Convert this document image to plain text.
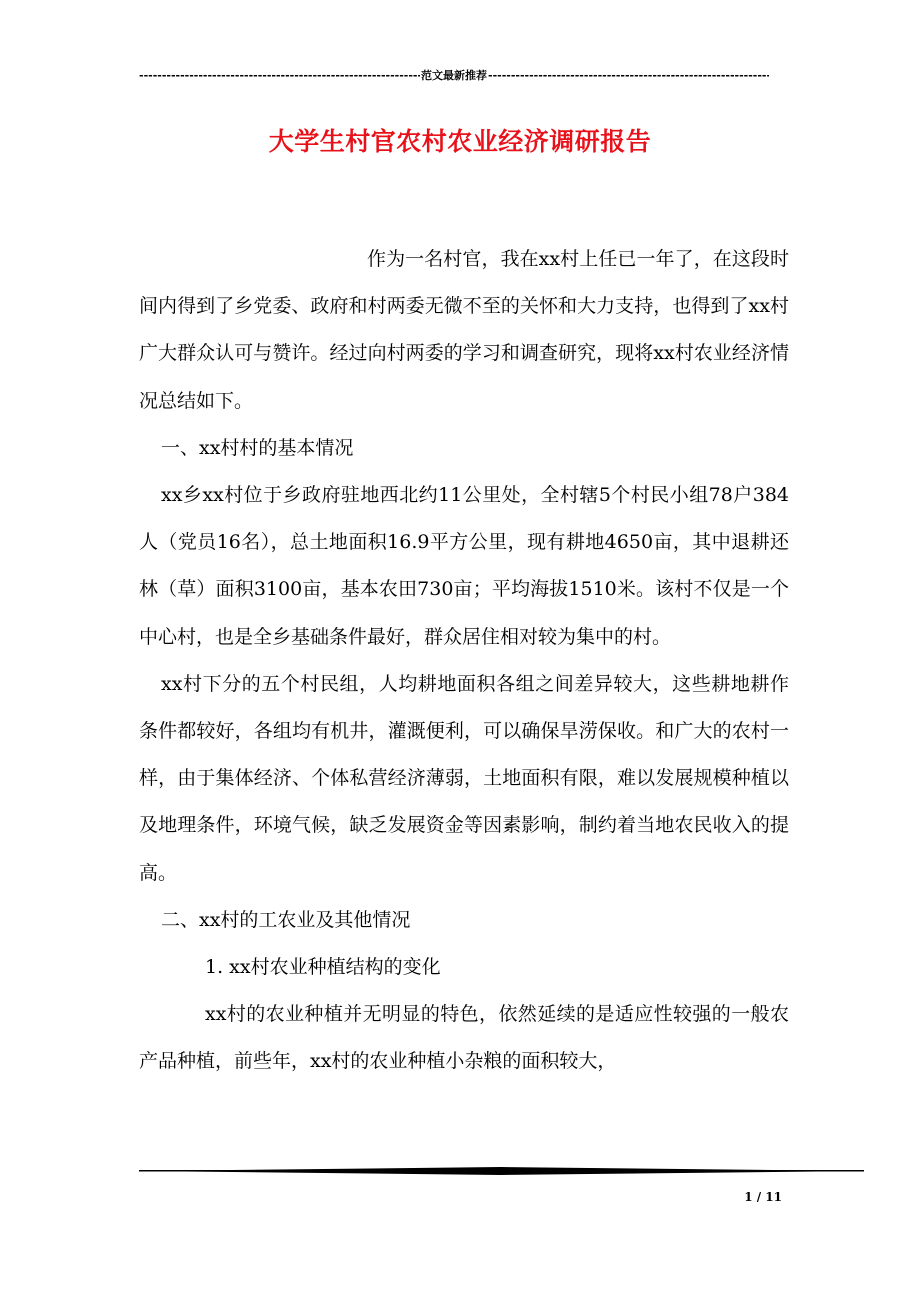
-----
范文最新推荐
-----
大学生村官农村农业经济调研报告

作为一名村官，我在xx村上任已一年了，在这段时间内得到了乡党委、政府和村两委无微不至的关怀和大力支持，也得到了xx村广大群众认可与赞许。经过向村两委的学习和调查研究，现将xx村农业经济情况总结如下。

一、xx村村的基本情况

xx乡xx村位于乡政府驻地西北约11公里处，全村辖5个村民小组78户384人（党员16名），总土地面积16.9平方公里，现有耕地4650亩，其中退耕还林（草）面积3100亩，基本农田730亩；平均海拔1510米。该村不仅是一个中心村，也是全乡基础条件最好，群众居住相对较为集中的村。

xx村下分的五个村民组，人均耕地面积各组之间差异较大，这些耕地耕作条件都较好，各组均有机井，灌溉便利，可以确保旱涝保收。和广大的农村一样，由于集体经济、个体私营经济薄弱，土地面积有限，难以发展规模种植以及地理条件，环境气候，缺乏发展资金等因素影响，制约着当地农民收入的提高。

二、xx村的工农业及其他情况

1. xx村农业种植结构的变化

xx村的农业种植并无明显的特色，依然延续的是适应性较强的一般农产品种植，前些年，xx村的农业种植小杂粮的面积较大，

1 / 11
